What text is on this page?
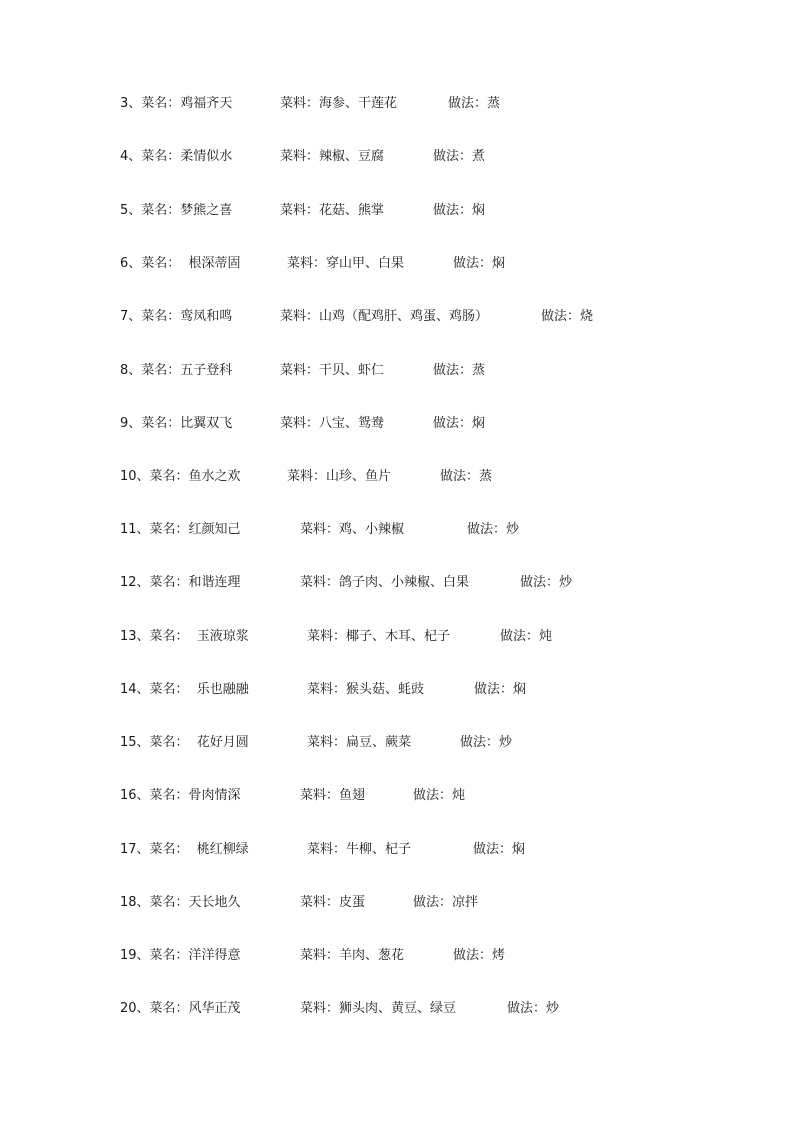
3、菜名：鸡福齐天	菜料：海参、干莲花	做法：蒸
4、菜名：柔情似水	菜料：辣椒、豆腐	做法：煮
5、菜名：梦熊之喜	菜料：花菇、熊掌	做法：焖
6、菜名：  根深蒂固	菜料：穿山甲、白果	做法：焖
7、菜名：鸾凤和鸣	菜料：山鸡（配鸡肝、鸡蛋、鸡肠）	做法：烧
8、菜名：五子登科	菜料：干贝、虾仁	做法：蒸
9、菜名：比翼双飞	菜料：八宝、鸳鸯	做法：焖
10、菜名：鱼水之欢	菜料：山珍、鱼片	做法：蒸
11、菜名：红颜知己	菜料：鸡、小辣椒	做法：炒
12、菜名：和谐连理	菜料：鸽子肉、小辣椒、白果	做法：炒
13、菜名：  玉液琼浆	菜料：椰子、木耳、杞子	做法：炖
14、菜名：  乐也融融	菜料：猴头菇、蚝豉	做法：焖
15、菜名：  花好月圆	菜料：扁豆、蕨菜	做法：炒
16、菜名：骨肉情深	菜料：鱼翅	做法：炖
17、菜名：  桃红柳绿	菜料：牛柳、杞子	做法：焖
18、菜名：天长地久	菜料：皮蛋	做法：凉拌
19、菜名：洋洋得意	菜料：羊肉、葱花	做法：烤
20、菜名：风华正茂	菜料：狮头肉、黄豆、绿豆	做法：炒
